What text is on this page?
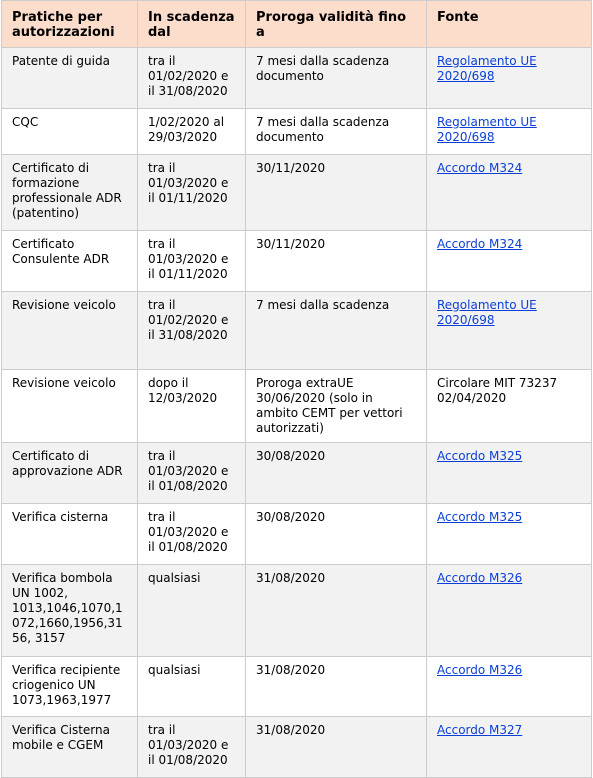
Pratiche per autorizzazioni	In scadenza dal	Proroga validità fino a	Fonte
Patente di guida	tra il 01/02/2020 e il 31/08/2020	7 mesi dalla scadenza documento	Regolamento UE 2020/698
CQC	1/02/2020 al 29/03/2020	7 mesi dalla scadenza documento	Regolamento UE 2020/698
Certificato di formazione professionale ADR (patentino)	tra il 01/03/2020 e il 01/11/2020	30/11/2020	Accordo M324
Certificato Consulente ADR	tra il 01/03/2020 e il 01/11/2020	30/11/2020	Accordo M324
Revisione veicolo	tra il 01/02/2020 e il 31/08/2020	7 mesi dalla scadenza	Regolamento UE 2020/698
Revisione veicolo	dopo il 12/03/2020	Proroga extraUE 30/06/2020 (solo in ambito CEMT per vettori autorizzati)	Circolare MIT 73237 02/04/2020
Certificato di approvazione ADR	tra il 01/03/2020 e il 01/08/2020	30/08/2020	Accordo M325
Verifica cisterna	tra il 01/03/2020 e il 01/08/2020	30/08/2020	Accordo M325
Verifica bombola UN 1002, 1013,1046,1070,1072,1660,1956,3156, 3157	qualsiasi	31/08/2020	Accordo M326
Verifica recipiente criogenico UN 1073,1963,1977	qualsiasi	31/08/2020	Accordo M326
Verifica Cisterna mobile e CGEM	tra il 01/03/2020 e il 01/08/2020	31/08/2020	Accordo M327
